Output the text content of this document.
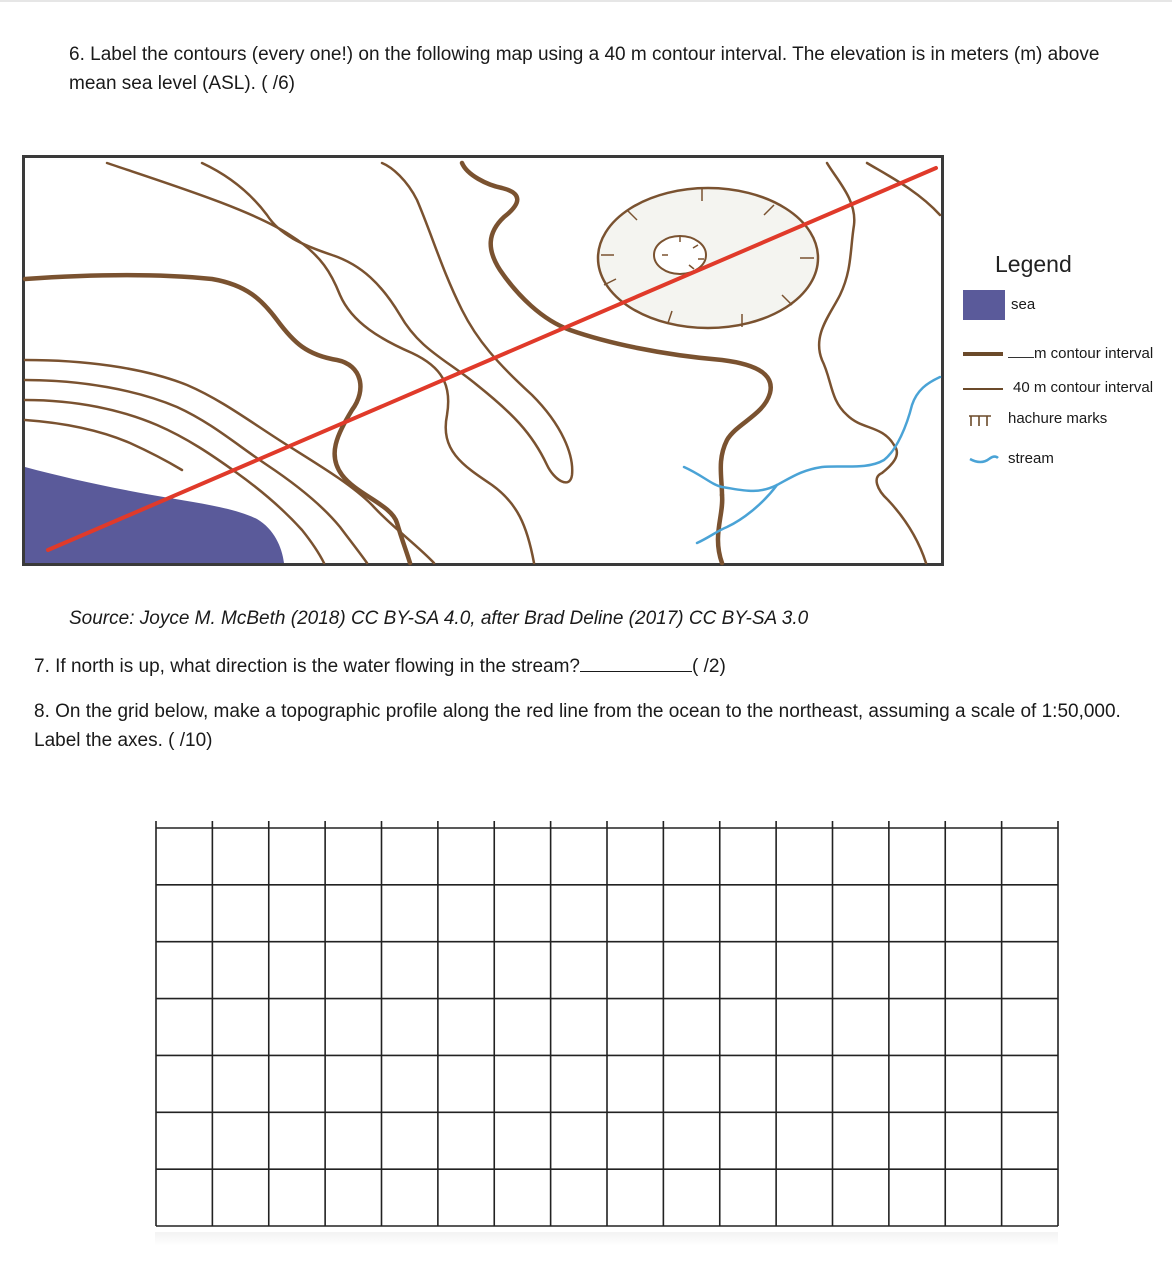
6. Label the contours (every one!) on the following map using a 40 m contour interval. The elevation is in meters (m) above mean sea level (ASL). ( /6)
Legend
sea
m contour interval
40 m contour interval
hachure marks
stream
Source: Joyce M. McBeth (2018) CC BY-SA 4.0, after Brad Deline (2017) CC BY-SA 3.0
7. If north is up, what direction is the water flowing in the stream?	( /2)
8. On the grid below, make a topographic profile along the red line from the ocean to the northeast, assuming a scale of 1:50,000. Label the axes. ( /10)
